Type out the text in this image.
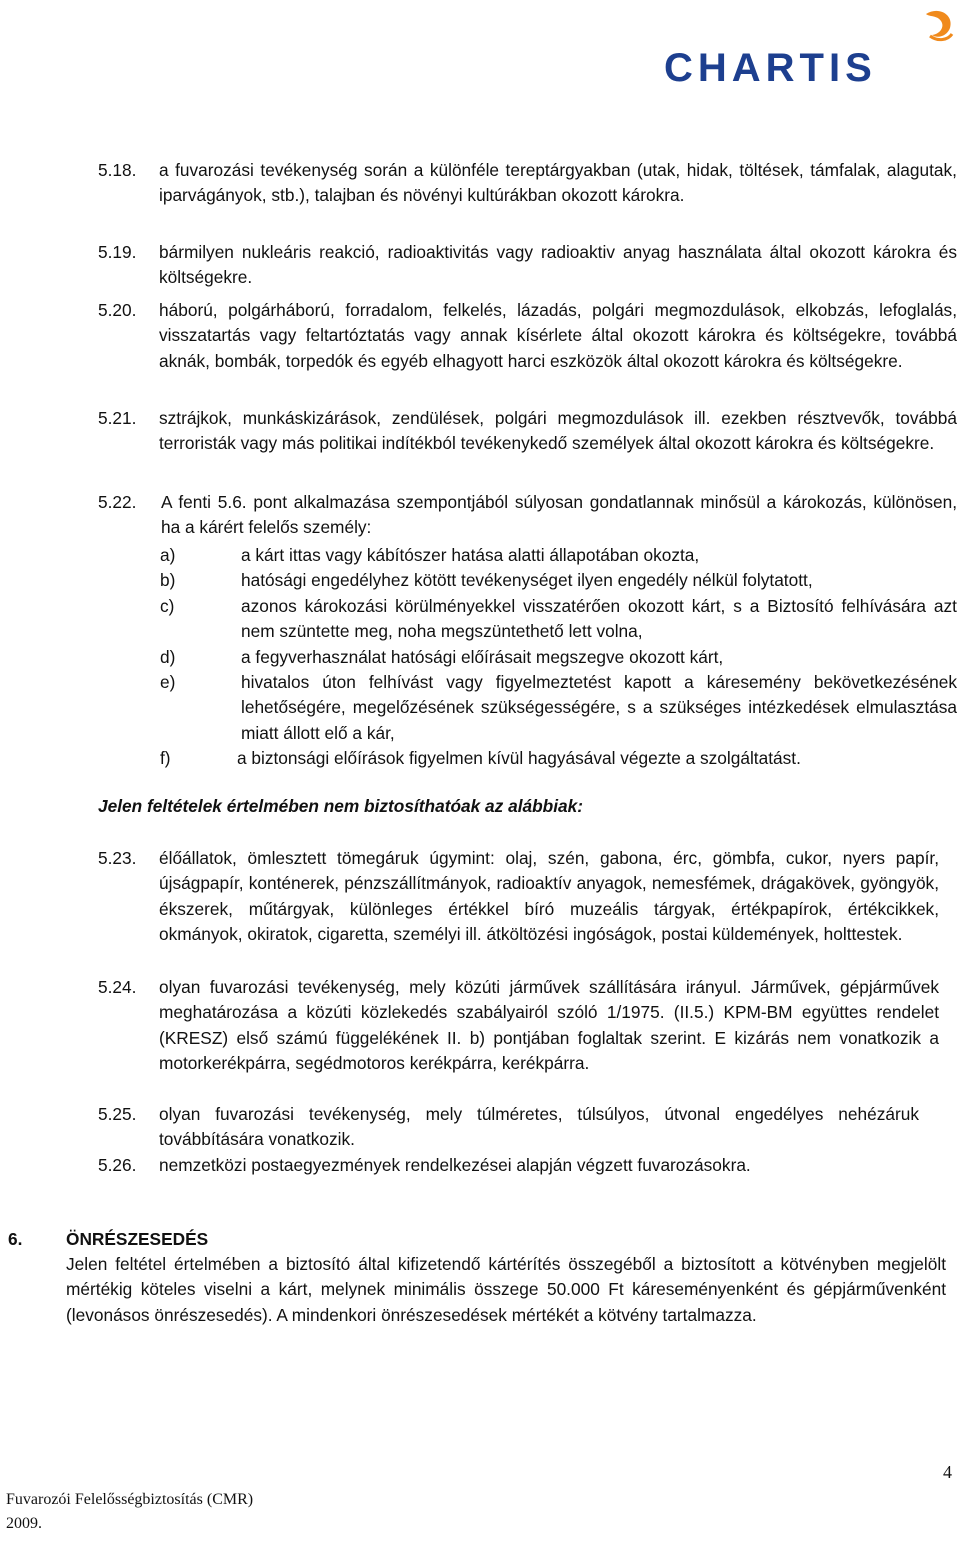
CHARTIS
5.18. a fuvarozási tevékenység során a különféle tereptárgyakban (utak, hidak, töltések, támfalak, alagutak, iparvágányok, stb.), talajban és növényi kultúrákban okozott károkra.
5.19. bármilyen nukleáris reakció, radioaktivitás vagy radioaktiv anyag használata által okozott károkra és költségekre.
5.20. háború, polgárháború, forradalom, felkelés, lázadás, polgári megmozdulások, elkobzás, lefoglalás, visszatartás vagy feltartóztatás vagy annak kísérlete által okozott károkra és költségekre, továbbá aknák, bombák, torpedók és egyéb elhagyott harci eszközök által okozott károkra és költségekre.
5.21. sztrájkok, munkáskizárások, zendülések, polgári megmozdulások ill. ezekben résztvevők, továbbá terroristák vagy más politikai indítékból tevékenykedő személyek által okozott károkra és költségekre.
5.22. A fenti 5.6. pont alkalmazása szempontjából súlyosan gondatlannak minősül a károkozás, különösen, ha a kárért felelős személy:
a)	a kárt ittas vagy kábítószer hatása alatti állapotában okozta,
b)	hatósági engedélyhez kötött tevékenységet ilyen engedély nélkül folytatott,
c)	azonos károkozási körülményekkel visszatérően okozott kárt, s a Biztosító felhívására azt nem szüntette meg, noha megszüntethető lett volna,
d)	a fegyverhasználat hatósági előírásait megszegve okozott kárt,
e)	hivatalos úton felhívást vagy figyelmeztetést kapott a káresemény bekövetkezésének lehetőségére, megelőzésének szükségességére, s a szükséges intézkedések elmulasztása miatt állott elő a kár,
f)	a biztonsági előírások figyelmen kívül hagyásával végezte a szolgáltatást.
Jelen feltételek értelmében nem biztosíthatóak az alábbiak:
5.23. élőállatok, ömlesztett tömegáruk úgymint: olaj, szén, gabona, érc, gömbfa, cukor, nyers papír, újságpapír, konténerek, pénzszállítmányok, radioaktív anyagok, nemesfémek, drágakövek, gyöngyök, ékszerek, műtárgyak, különleges értékkel bíró muzeális tárgyak, értékpapírok, értékcikkek, okmányok, okiratok, cigaretta, személyi ill. átköltözési ingóságok, postai küldemények, holttestek.
5.24. olyan fuvarozási tevékenység, mely közúti járművek szállítására irányul. Járművek, gépjárművek meghatározása a közúti közlekedés szabályairól szóló 1/1975. (II.5.) KPM-BM együttes rendelet (KRESZ) első számú függelékének II. b) pontjában foglaltak szerint. E kizárás nem vonatkozik a motorkerékpárra, segédmotoros kerékpárra, kerékpárra.
5.25. olyan fuvarozási tevékenység, mely túlméretes, túlsúlyos, útvonal engedélyes nehézáruk továbbítására vonatkozik.
5.26. nemzetközi postaegyezmények rendelkezései alapján végzett fuvarozásokra.
6.	ÖNRÉSZESEDÉS
Jelen feltétel értelmében a biztosító által kifizetendő kártérítés összegéből a biztosított a kötvényben megjelölt mértékig köteles viselni a kárt, melynek minimális összege 50.000 Ft káreseményenként és gépjárművenként (levonásos önrészesedés). A mindenkori önrészesedések mértékét a kötvény tartalmazza.
Fuvarozói Felelősségbiztosítás (CMR)
2009.
4
